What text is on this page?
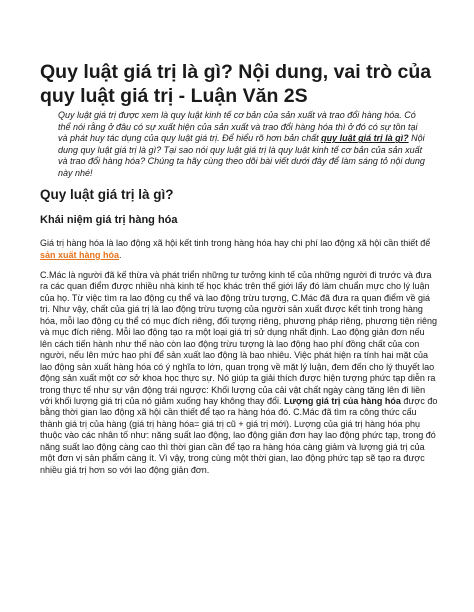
Quy luật giá trị là gì? Nội dung, vai trò của quy luật giá trị - Luận Văn 2S

Quy luật giá trị được xem là quy luật kinh tế cơ bản của sản xuất và trao đổi hàng hóa. Có thể nói rằng ở đâu có sự xuất hiện của sản xuất và trao đổi hàng hóa thì ở đó có sự tồn tại và phát huy tác dụng của quy luật giá trị. Để hiểu rõ hơn bản chất quy luật giá trị là gì? Nội dung quy luật giá trị là gì? Tại sao nói quy luật giá trị là quy luật kinh tế cơ bản của sản xuất và trao đổi hàng hóa? Chúng ta hãy cùng theo dõi bài viết dưới đây để làm sáng tỏ nội dung này nhé!

Quy luật giá trị là gì?
Khái niệm giá trị hàng hóa

Giá trị hàng hóa là lao động xã hội kết tinh trong hàng hóa hay chi phí lao động xã hội cần thiết để sản xuất hàng hóa.

C.Mác là người đã kế thừa và phát triển những tư tưởng kinh tế của những người đi trước và đưa ra các quan điểm được nhiều nhà kinh tế học khác trên thế giới lấy đó làm chuẩn mực cho lý luận của họ. Từ việc tìm ra lao động cụ thể và lao động trừu tượng, C.Mác đã đưa ra quan điểm về giá trị. Như vậy, chất của giá trị là lao động trừu tượng của người sản xuất được kết tinh trong hàng hóa, mỗi lao động cụ thể có mục đích riêng, đối tượng riêng, phương pháp riêng, phương tiện riêng và mục đích riêng. Mỗi lao động tạo ra một loại giá trị sử dụng nhất định. Lao động giản đơn nếu lên cách tiến hành như thế nào còn lao động trừu tượng là lao động hao phí đồng chất của con người, nếu lên mức hao phí để sản xuất lao động là bao nhiêu. Việc phát hiện ra tính hai mặt của lao động sản xuất hàng hóa có ý nghĩa to lớn, quan trọng về mặt lý luận, đem đến cho lý thuyết lao động sản xuất một cơ sở khoa học thực sự. Nó giúp ta giải thích được hiện tượng phức tạp diễn ra trong thực tế như sự vận động trái ngược: Khối lượng của cải vật chất ngày càng tăng lên đi liền với khối lượng giá trị của nó giảm xuống hay không thay đổi. Lượng giá trị của hàng hóa được đo bằng thời gian lao động xã hội cần thiết để tạo ra hàng hóa đó. C.Mác đã tìm ra công thức cấu thành giá trị của hàng (giá trị hàng hóa= giá trị cũ + giá trị mới). Lượng của giá trị hàng hóa phụ thuộc vào các nhân tố như: năng suất lao động, lao động giản đơn hay lao động phức tạp, trong đó năng suất lao động càng cao thì thời gian cần để tạo ra hàng hóa càng giảm và lượng giá trị của một đơn vị sản phẩm càng ít. Vì vậy, trong cùng một thời gian, lao động phức tạp sẽ tạo ra được nhiều giá trị hơn so với lao động giản đơn.
